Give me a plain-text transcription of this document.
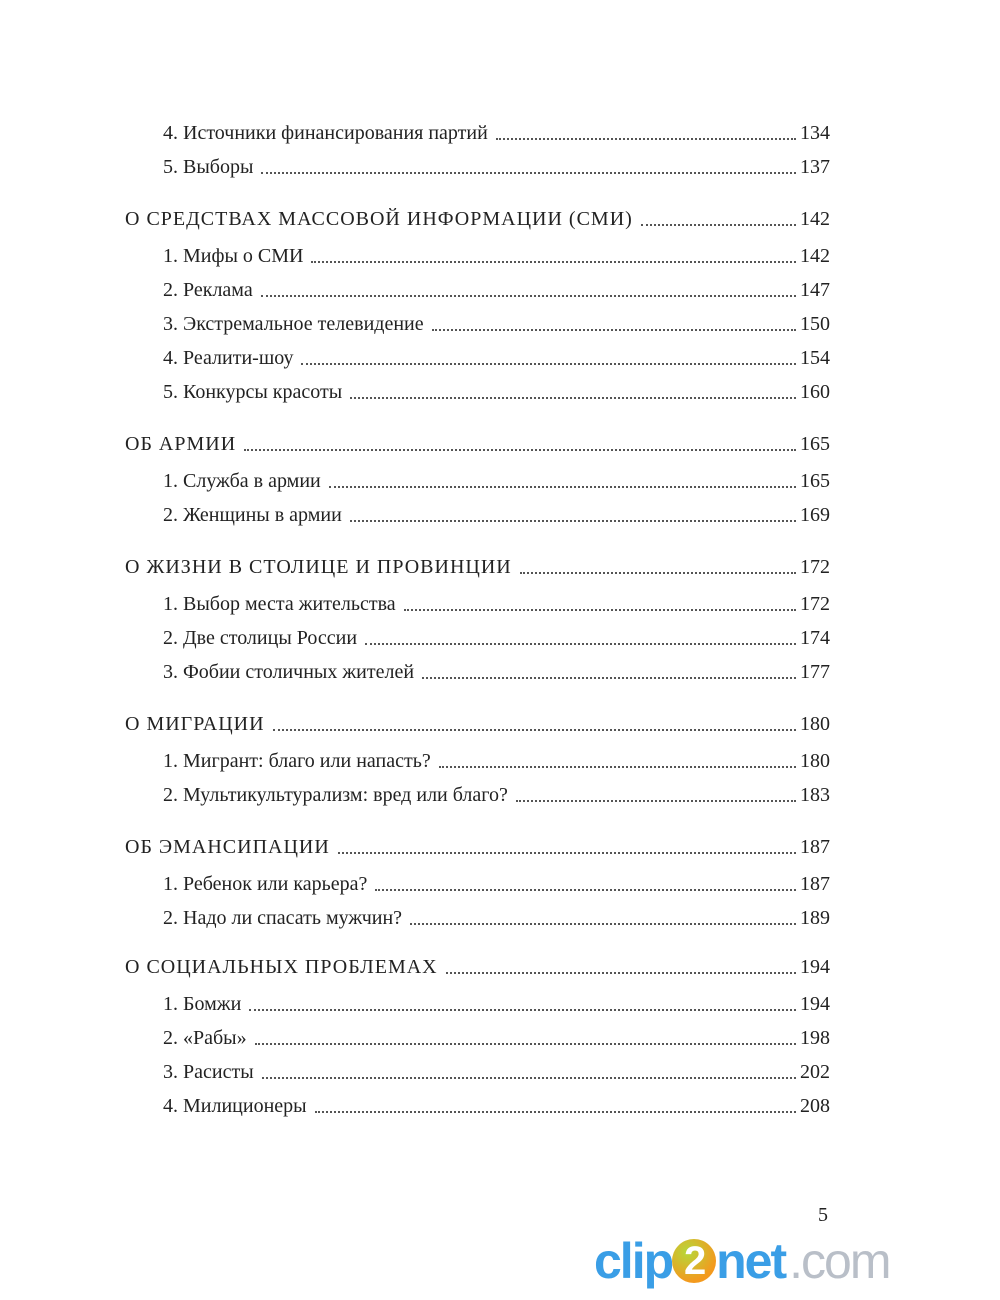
4. Источники финансирования партий	134
5. Выборы	137
О СРЕДСТВАХ МАССОВОЙ ИНФОРМАЦИИ (СМИ)	142
1. Мифы о СМИ	142
2. Реклама	147
3. Экстремальное телевидение	150
4. Реалити-шоу	154
5. Конкурсы красоты	160
ОБ АРМИИ	165
1. Служба в армии	165
2. Женщины в армии	169
О ЖИЗНИ В СТОЛИЦЕ И ПРОВИНЦИИ	172
1. Выбор места жительства	172
2. Две столицы России	174
3. Фобии столичных жителей	177
О МИГРАЦИИ	180
1. Мигрант: благо или напасть?	180
2. Мультикультурализм: вред или благо?	183
ОБ ЭМАНСИПАЦИИ	187
1. Ребенок или карьера?	187
2. Надо ли спасать мужчин?	189
О СОЦИАЛЬНЫХ ПРОБЛЕМАХ	194
1. Бомжи	194
2. «Рабы»	198
3. Расисты	202
4. Милиционеры	208
5
clip 2 net.com
